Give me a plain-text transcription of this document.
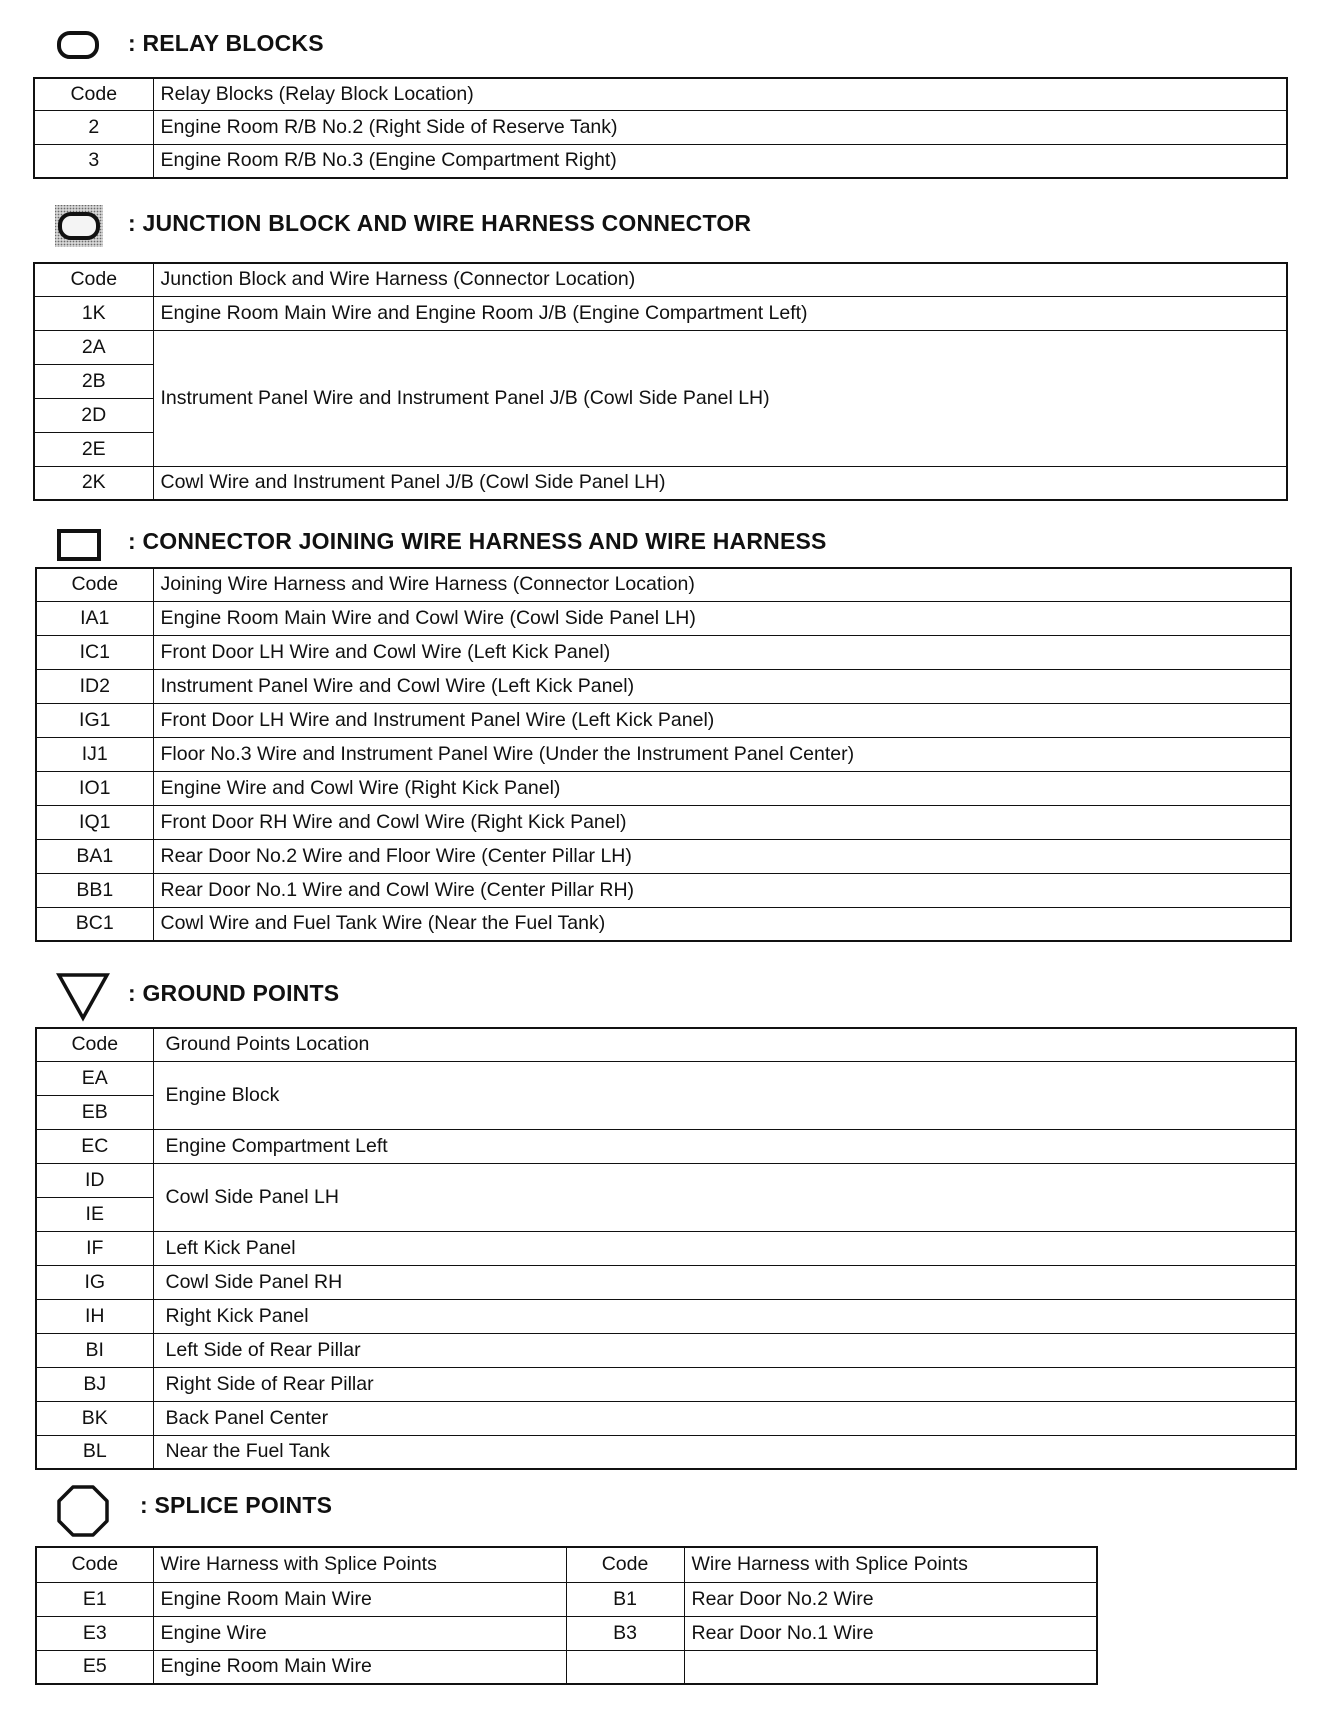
: RELAY BLOCKS
Code	Relay Blocks (Relay Block Location)
2	Engine Room R/B No.2 (Right Side of Reserve Tank)
3	Engine Room R/B No.3 (Engine Compartment Right)
: JUNCTION BLOCK AND WIRE HARNESS CONNECTOR
Code	Junction Block and Wire Harness (Connector Location)
1K	Engine Room Main Wire and Engine Room J/B (Engine Compartment Left)
2A	Instrument Panel Wire and Instrument Panel J/B (Cowl Side Panel LH)
2B	
2D	
2E	
2K	Cowl Wire and Instrument Panel J/B (Cowl Side Panel LH)
: CONNECTOR JOINING WIRE HARNESS AND WIRE HARNESS
Code	Joining Wire Harness and Wire Harness (Connector Location)
IA1	Engine Room Main Wire and Cowl Wire (Cowl Side Panel LH)
IC1	Front Door LH Wire and Cowl Wire (Left Kick Panel)
ID2	Instrument Panel Wire and Cowl Wire (Left Kick Panel)
IG1	Front Door LH Wire and Instrument Panel Wire (Left Kick Panel)
IJ1	Floor No.3 Wire and Instrument Panel Wire (Under the Instrument Panel Center)
IO1	Engine Wire and Cowl Wire (Right Kick Panel)
IQ1	Front Door RH Wire and Cowl Wire (Right Kick Panel)
BA1	Rear Door No.2 Wire and Floor Wire (Center Pillar LH)
BB1	Rear Door No.1 Wire and Cowl Wire (Center Pillar RH)
BC1	Cowl Wire and Fuel Tank Wire (Near the Fuel Tank)
: GROUND POINTS
Code	Ground Points Location
EA	Engine Block
EB	
EC	Engine Compartment Left
ID	Cowl Side Panel LH
IE	
IF	Left Kick Panel
IG	Cowl Side Panel RH
IH	Right Kick Panel
BI	Left Side of Rear Pillar
BJ	Right Side of Rear Pillar
BK	Back Panel Center
BL	Near the Fuel Tank
: SPLICE POINTS
Code	Wire Harness with Splice Points	Code	Wire Harness with Splice Points
E1	Engine Room Main Wire	B1	Rear Door No.2 Wire
E3	Engine Wire	B3	Rear Door No.1 Wire
E5	Engine Room Main Wire		
